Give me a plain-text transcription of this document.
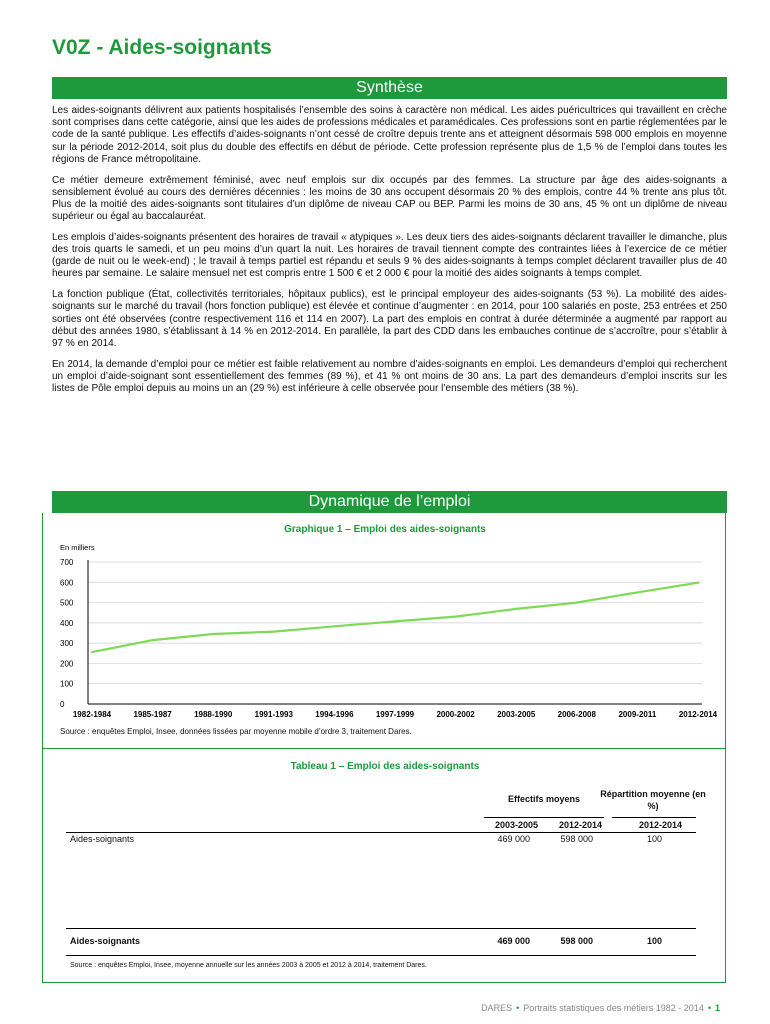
V0Z - Aides-soignants
Synthèse

Les aides-soignants délivrent aux patients hospitalisés l’ensemble des soins à caractère non médical. Les aides puéricultrices qui travaillent en crèche sont comprises dans cette catégorie, ainsi que les aides de professions médicales et paramédicales. Ces professions sont en partie réglementées par le code de la santé publique. Les effectifs d’aides-soignants n’ont cessé de croître depuis trente ans et atteignent désormais 598 000 emplois en moyenne sur la période 2012-2014, soit plus du double des effectifs en début de période. Cette profession représente plus de 1,5 % de l’emploi dans toutes les régions de France métropolitaine.

Ce métier demeure extrêmement féminisé, avec neuf emplois sur dix occupés par des femmes. La structure par âge des aides-soignants a sensiblement évolué au cours des dernières décennies : les moins de 30 ans occupent désormais 20 % des emplois, contre 44 % trente ans plus tôt. Plus de la moitié des aides-soignants sont titulaires d’un diplôme de niveau CAP ou BEP. Parmi les moins de 30 ans, 45 % ont un diplôme de niveau supérieur ou égal au baccalauréat.

Les emplois d’aides-soignants présentent des horaires de travail « atypiques ». Les deux tiers des aides-soignants déclarent travailler le dimanche, plus des trois quarts le samedi, et un peu moins d’un quart la nuit. Les horaires de travail tiennent compte des contraintes liées à l’exercice de ce métier (garde de nuit ou le week-end) ; le travail à temps partiel est répandu et seuls 9 % des aides-soignants à temps complet déclarent travailler plus de 40 heures par semaine. Le salaire mensuel net est compris entre 1 500 € et 2 000 € pour la moitié des aides soignants à temps complet.

La fonction publique (État, collectivités territoriales, hôpitaux publics), est le principal employeur des aides-soignants (53 %). La mobilité des aides-soignants sur le marché du travail (hors fonction publique) est élevée et continue d’augmenter : en 2014, pour 100 salariés en poste, 253 entrées et 250 sorties ont été observées (contre respectivement 116 et 114 en 2007). La part des emplois en contrat à durée déterminée a augmenté par rapport au début des années 1980, s’établissant à 14 % en 2012-2014. En parallèle, la part des CDD dans les embauches continue de s’accroître, pour s’établir à 97 % en 2014.

En 2014, la demande d’emploi pour ce métier est faible relativement au nombre d’aides-soignants en emploi. Les demandeurs d’emploi qui recherchent un emploi d’aide-soignant sont essentiellement des femmes (89 %), et 41 % ont moins de 30 ans. La part des demandeurs d’emploi inscrits sur les listes de Pôle emploi depuis au moins un an (29 %) est inférieure à celle observée pour l’ensemble des métiers (38 %).

Dynamique de l’emploi
Graphique 1 – Emploi des aides-soignants
En milliers
0
100
200
300
400
500
600
700
1982-1984	1985-1987	1988-1990	1991-1993	1994-1996	1997-1999	2000-2002	2003-2005	2006-2008	2009-2011	2012-2014
Source : enquêtes Emploi, Insee, données lissées par moyenne mobile d’ordre 3, traitement Dares.
Tableau 1 – Emploi des aides-soignants
Effectifs moyens	Répartition moyenne (en %)
2003-2005	2012-2014	2012-2014
Aides-soignants	469 000	598 000	100
Aides-soignants	469 000	598 000	100
Source : enquêtes Emploi, Insee, moyenne annuelle sur les années 2003 à 2005 et 2012 à 2014, traitement Dares.
DARES • Portraits statistiques des métiers 1982 - 2014 • 1
